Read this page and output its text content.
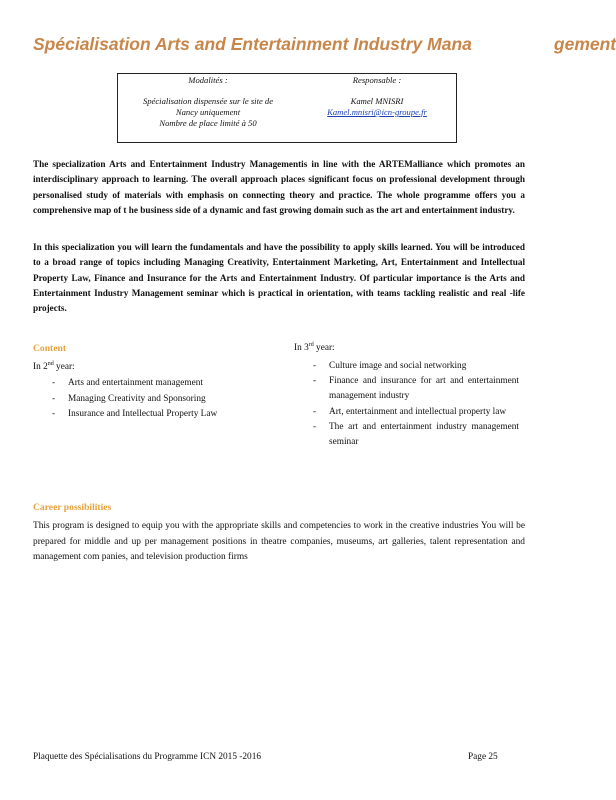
Spécialisation Arts and Entertainment Industry Mana	gement
Modalités :
Spécialisation dispensée sur le site de
Nancy uniquement
Nombre de place limité à 50
Responsable :
Kamel MNISRI
Kamel.mnisri@icn-groupe.fr
The specialization Arts and Entertainment Industry Managementis in line with the ARTEMalliance which promotes an interdisciplinary approach to learning. The overall approach places significant focus on professional development through personalised study of materials with emphasis on connecting theory and practice. The whole programme offers you a comprehensive map of t he business side of a dynamic and fast growing domain such as the art and entertainment industry.
In this specialization you will learn the fundamentals and have the possibility to apply skills learned. You will be introduced to a broad range of topics including Managing Creativity, Entertainment Marketing, Art, Entertainment and Intellectual Property Law, Finance and Insurance for the Arts and Entertainment Industry. Of particular importance is the Arts and Entertainment Industry Management seminar which is practical in orientation, with teams tackling realistic and real -life projects.
Content
In 2nd year:
- Arts and entertainment management
- Managing Creativity and Sponsoring
- Insurance and Intellectual Property Law
In 3rd year:
- Culture image and social networking
- Finance and insurance for art and entertainment management industry
- Art, entertainment and intellectual property law
- The art and entertainment industry management seminar
Career possibilities
This program is designed to equip you with the appropriate skills and competencies to work in the creative industries You will be prepared for middle and up per management positions in theatre companies, museums, art galleries, talent representation and management com panies, and television production firms
Plaquette des Spécialisations du Programme ICN 2015 -2016	Page 25
